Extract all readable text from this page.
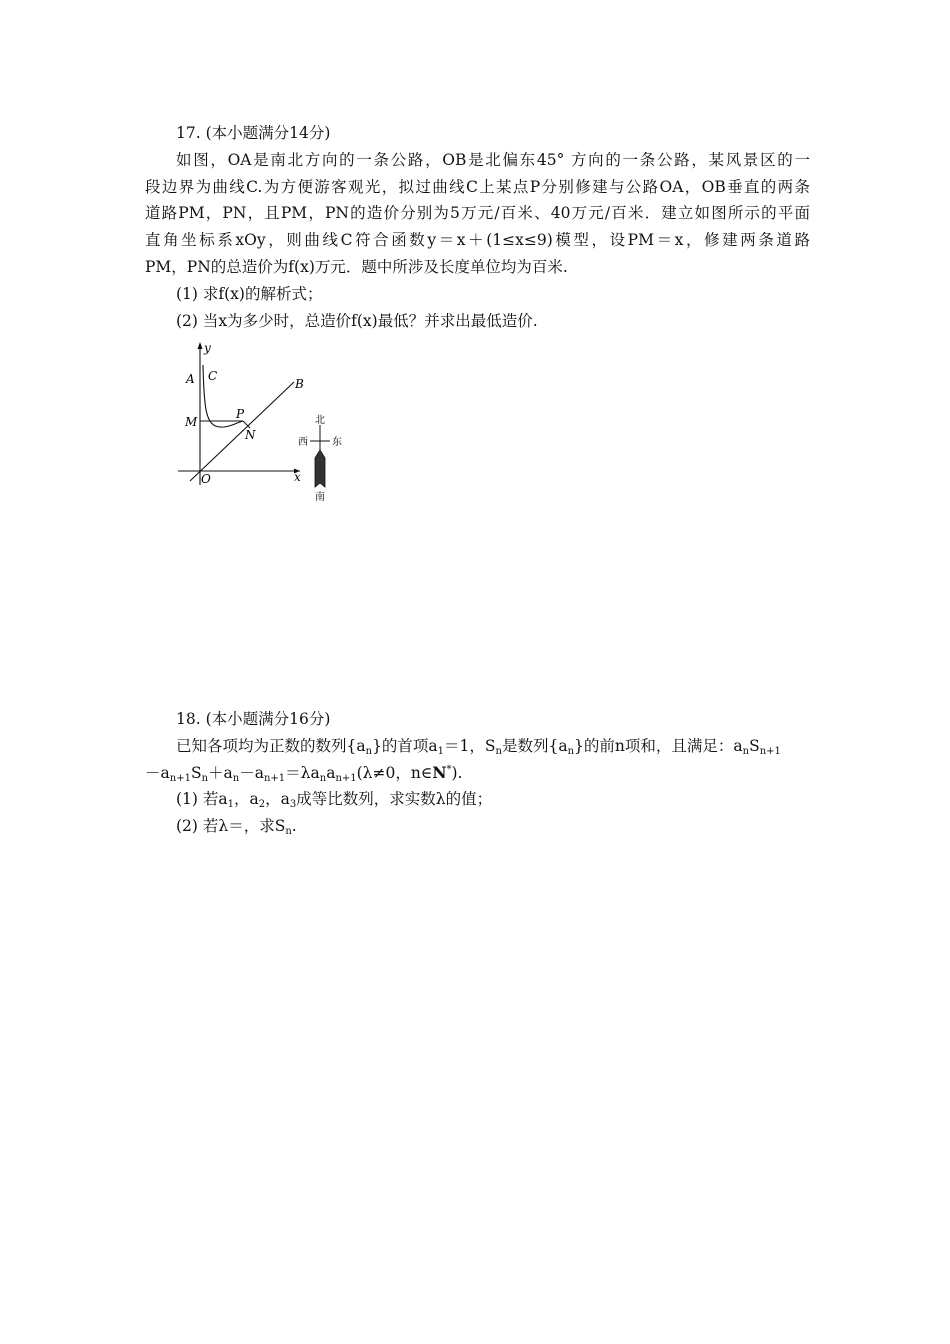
17. (本小题满分14分)
如图，OA是南北方向的一条公路，OB是北偏东45° 方向的一条公路，某风景区的一
段边界为曲线C.为方便游客观光，拟过曲线C上某点P分别修建与公路OA，OB垂直的两条
道路PM，PN，且PM，PN的造价分别为5万元/百米、40万元/百米．建立如图所示的平面
直角坐标系xOy，则曲线C符合函数y＝x＋(1≤x≤9)模型，设PM＝x，修建两条道路
PM，PN的总造价为f(x)万元．题中所涉及长度单位均为百米.
(1) 求f(x)的解析式；
(2) 当x为多少时，总造价f(x)最低？并求出最低造价.
y
x
O
A C
M
P
N
B
北
西 东
南
18. (本小题满分16分)
已知各项均为正数的数列$\{a_n\}$的首项$a_1=1$，$S_n$是数列$\{a_n\}$的前n项和，且满足：$a_nS_{n+1}$
$-a_{n+1}S_n+a_n-a_{n+1}=\lambda a_na_{n+1}(\lambda\ne 0$，n∈N*).
(1) 若$a_1$，$a_2$，$a_3$成等比数列，求实数λ的值；
(2) 若λ＝，求$S_n$.
